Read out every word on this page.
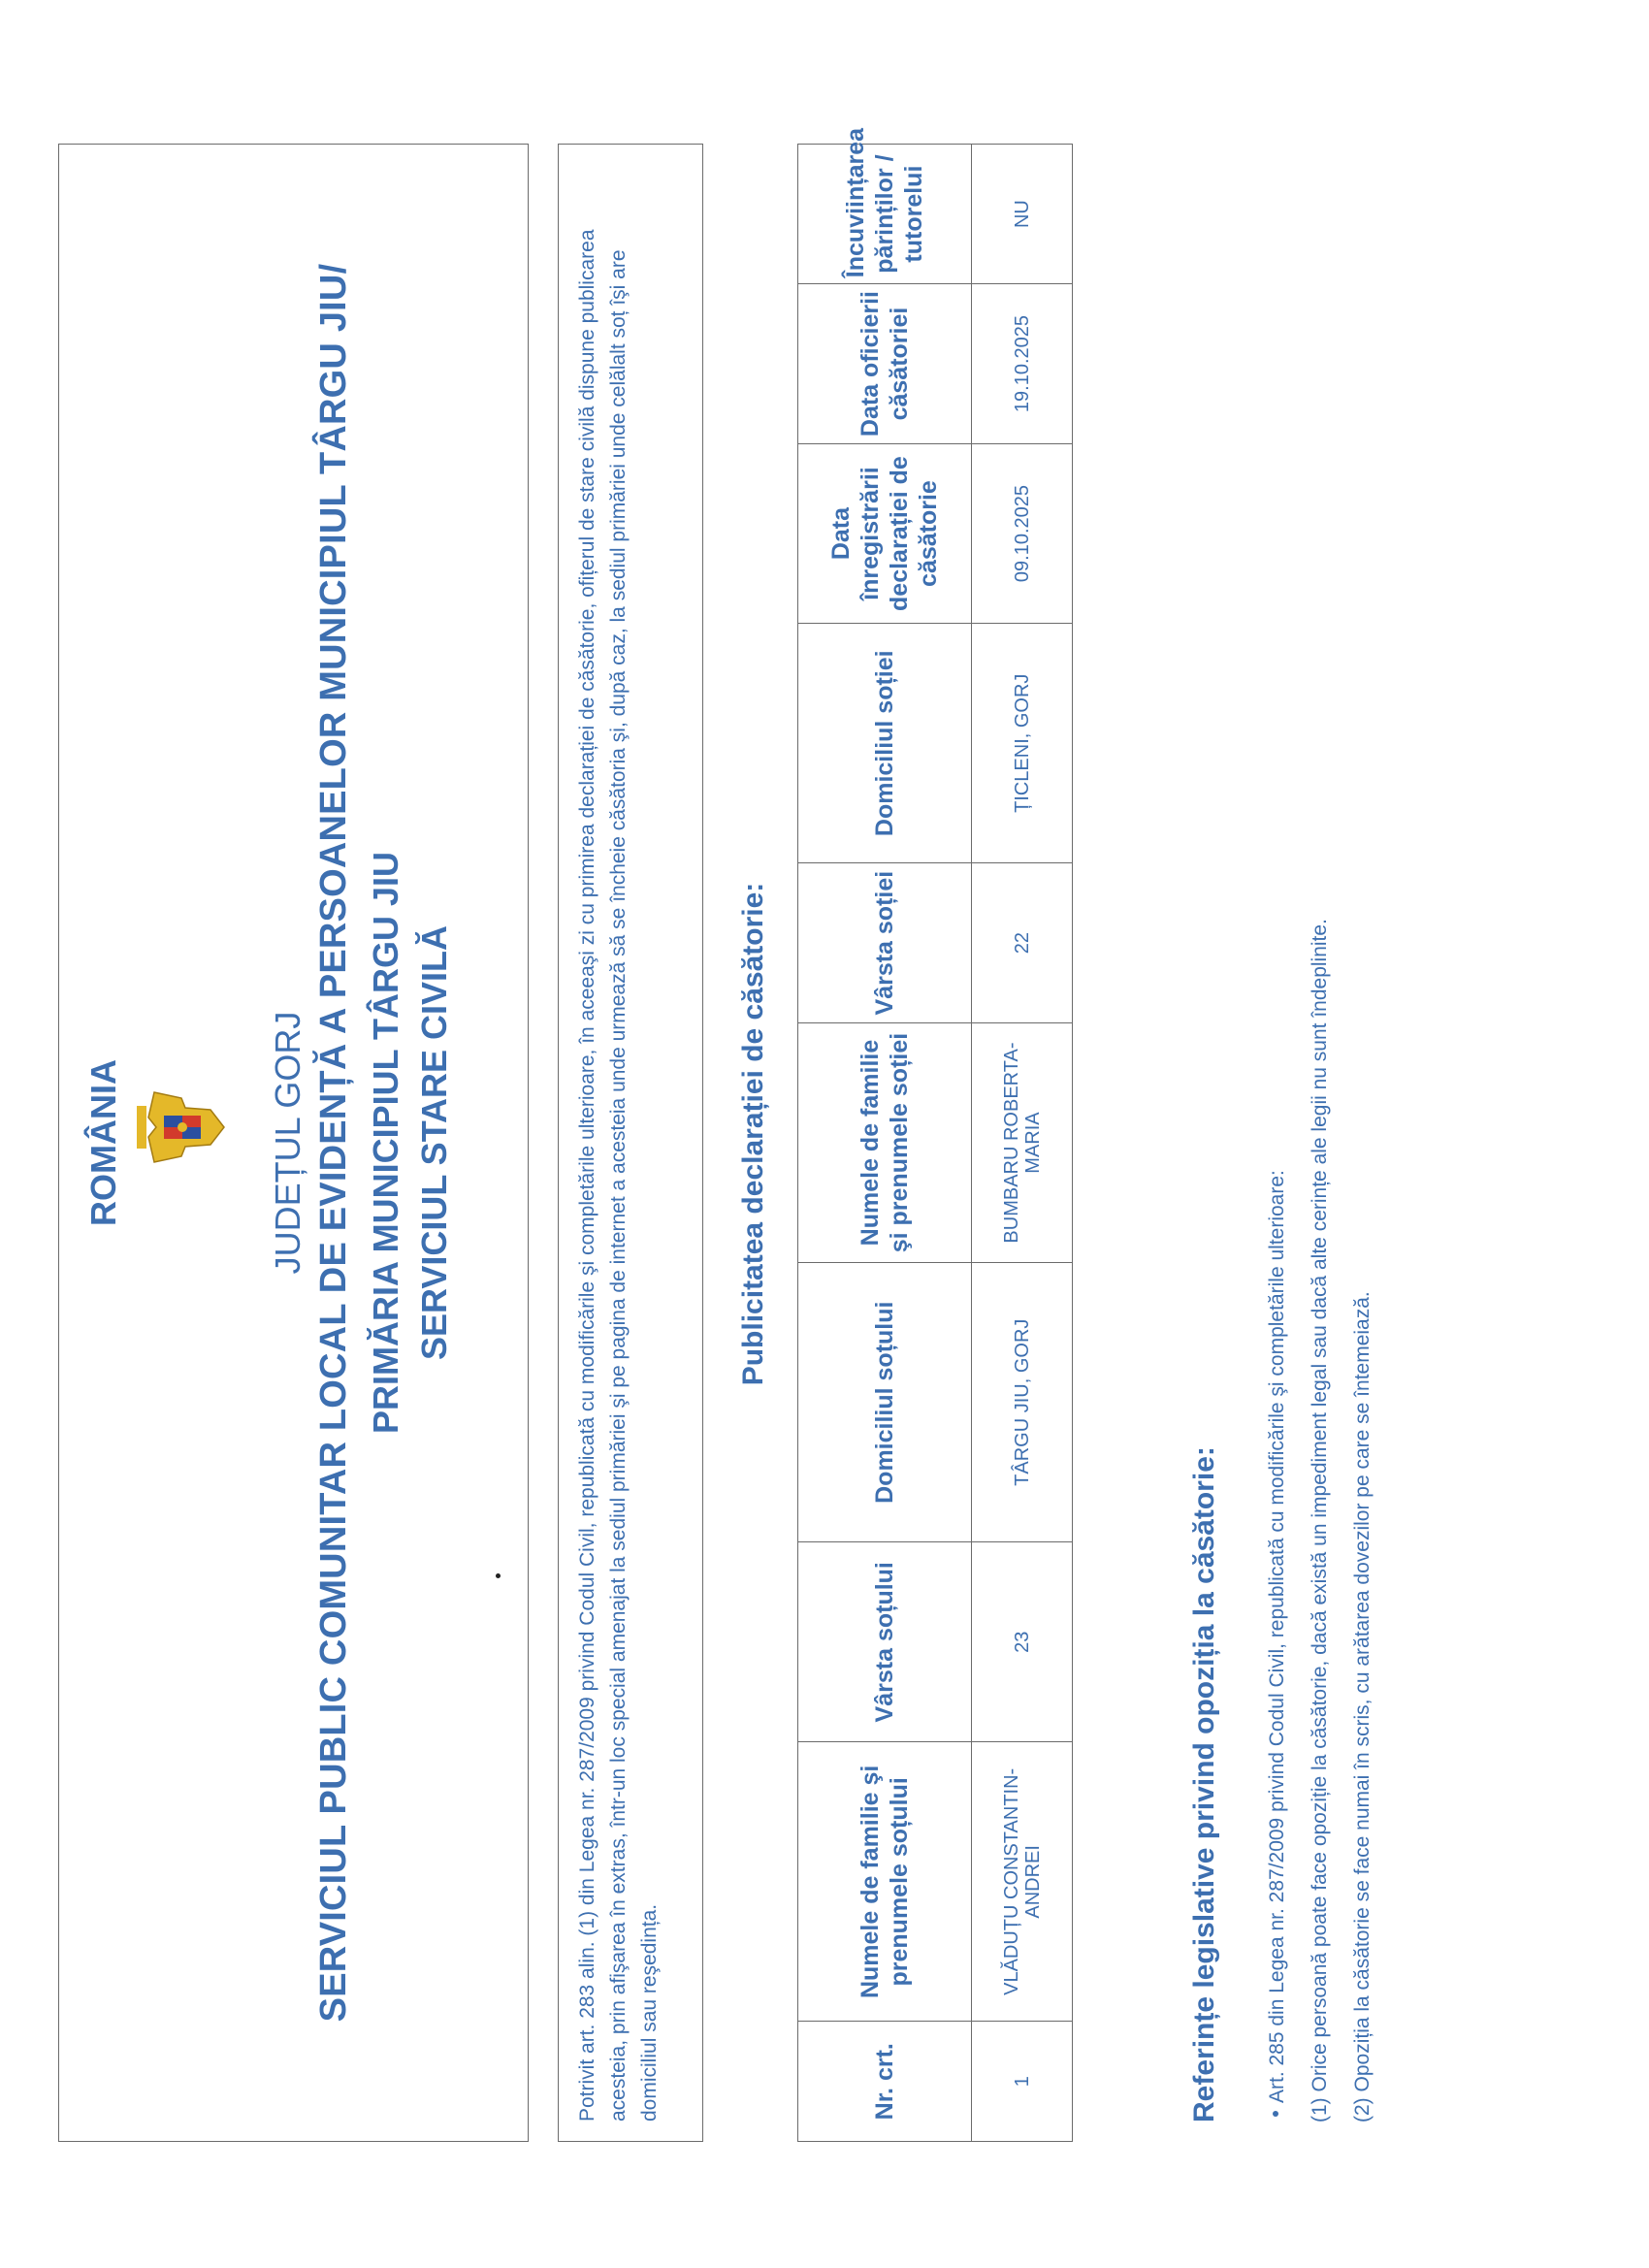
ROMÂNIA	JUDEȚUL GORJ SERVICIUL PUBLIC COMUNITAR LOCAL DE EVIDENȚĂ A PERSOANELOR MUNICIPIUL TÂRGU JIU/ PRIMĂRIA MUNICIPIUL TÂRGU JIU SERVICIUL STARE CIVILĂ	Potrivit art. 283 alin. (1) din Legea nr. 287/2009 privind Codul Civil, republicată cu modificările şi completările ulterioare, în aceeaşi zi cu primirea declarației de căsătorie, ofițerul de stare civilă dispune publicarea acesteia, prin afişarea în extras, într-un loc special amenajat la sediul primăriei şi pe pagina de internet a acesteia unde urmează să se încheie căsătoria şi, după caz, la sediul primăriei unde celălalt soț îşi are domiciliul sau reşedința.
Publicitatea declarației de căsătorie:
Nr. crt.	Numele de familie şi prenumele soțului	Vârsta soțului	Domiciliul soțului	Numele de familie şi prenumele soției	Vârsta soției	Domiciliul soției	Data înregistrării declarației de căsătorie	Data oficierii căsătoriei	Încuviințarea părinților / tutorelui
1	VLĂDUȚU CONSTANTIN-ANDREI	23	TÂRGU JIU, GORJ	BUMBARU ROBERTA-MARIA	22	ȚICLENI, GORJ	09.10.2025	19.10.2025	NU
Referințe legislative privind opoziția la căsătorie:	Art. 285 din Legea nr. 287/2009 privind Codul Civil, republicată cu modificările şi completările ulterioare:	(1) Orice persoană poate face opoziție la căsătorie, dacă există un impediment legal sau dacă alte cerințe ale legii nu sunt îndeplinite.	(2) Opoziția la căsătorie se face numai în scris, cu arătarea dovezilor pe care se întemeiază.
